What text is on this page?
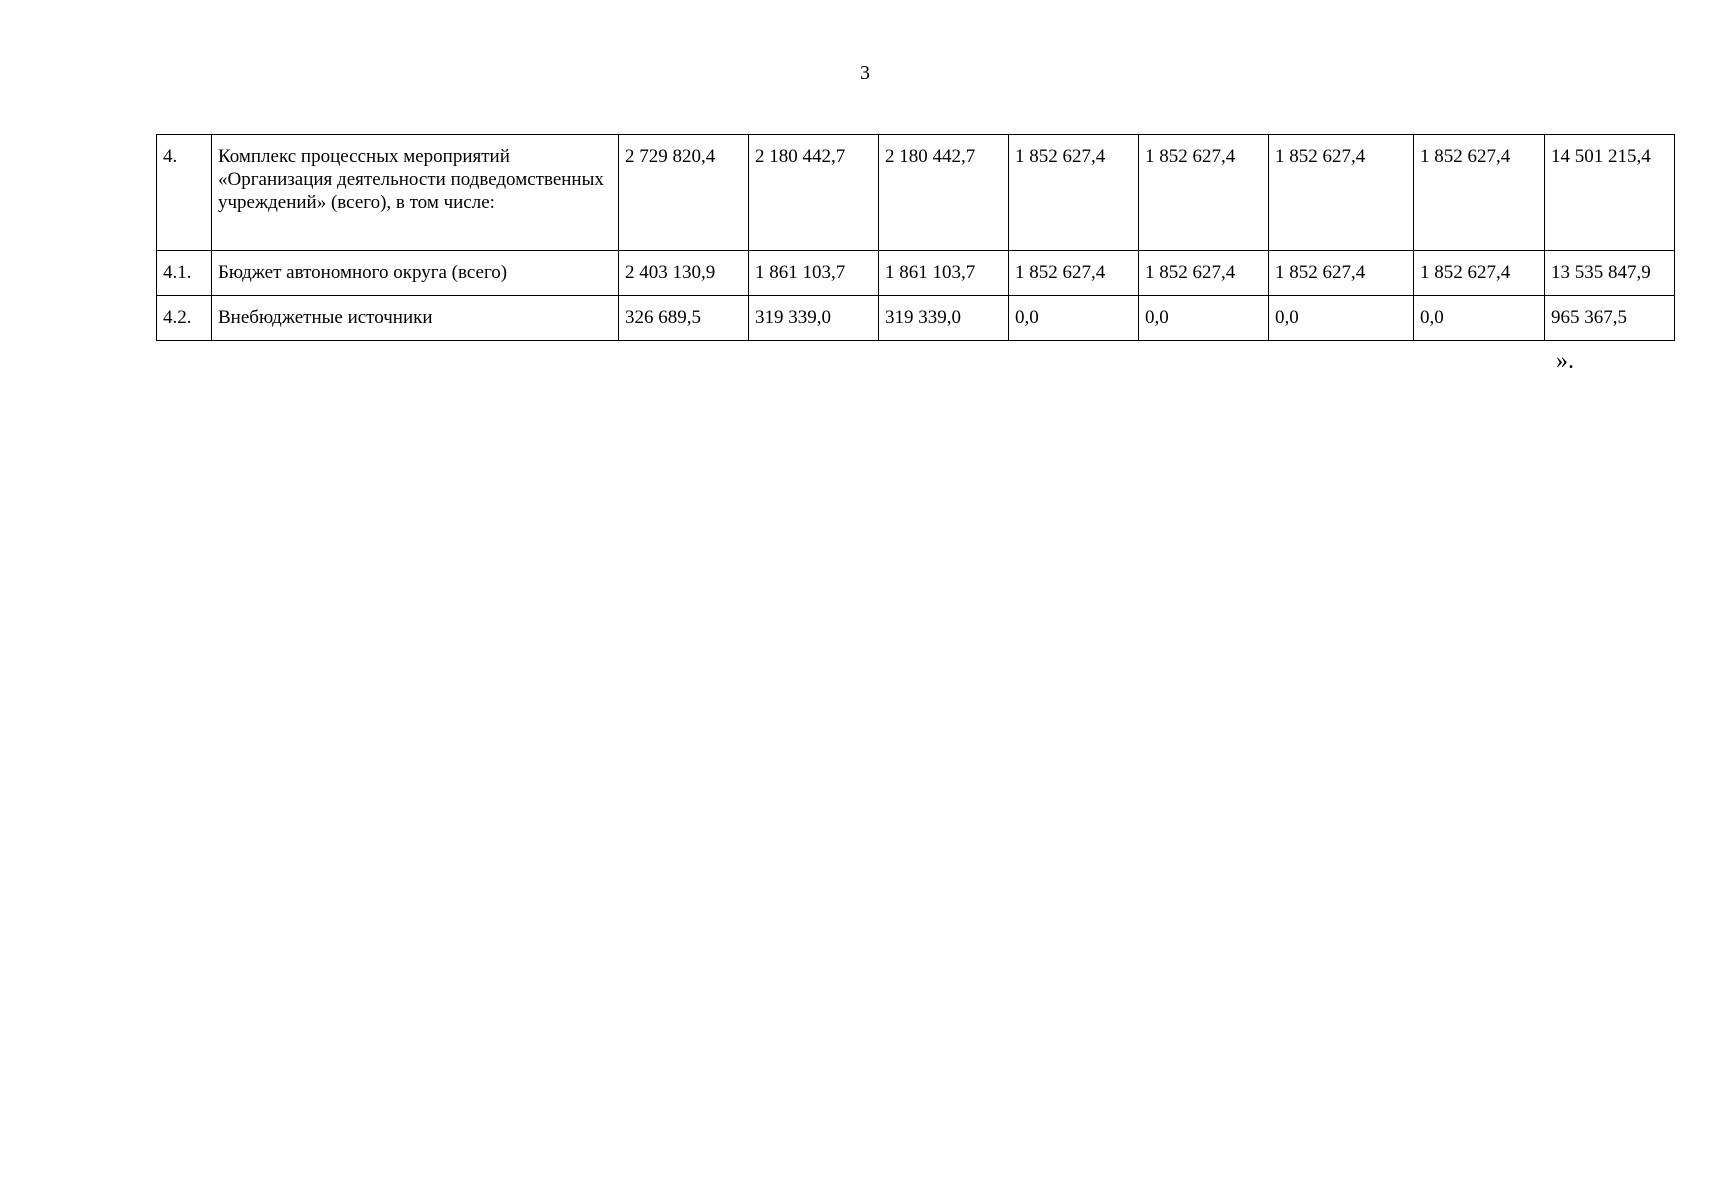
3
4.	Комплекс процессных мероприятий «Организация деятельности подведомственных учреждений» (всего), в том числе:	2 729 820,4	2 180 442,7	2 180 442,7	1 852 627,4	1 852 627,4	1 852 627,4	1 852 627,4	14 501 215,4
4.1.	Бюджет автономного округа (всего)	2 403 130,9	1 861 103,7	1 861 103,7	1 852 627,4	1 852 627,4	1 852 627,4	1 852 627,4	13 535 847,9
4.2.	Внебюджетные источники	326 689,5	319 339,0	319 339,0	0,0	0,0	0,0	0,0	965 367,5
».
